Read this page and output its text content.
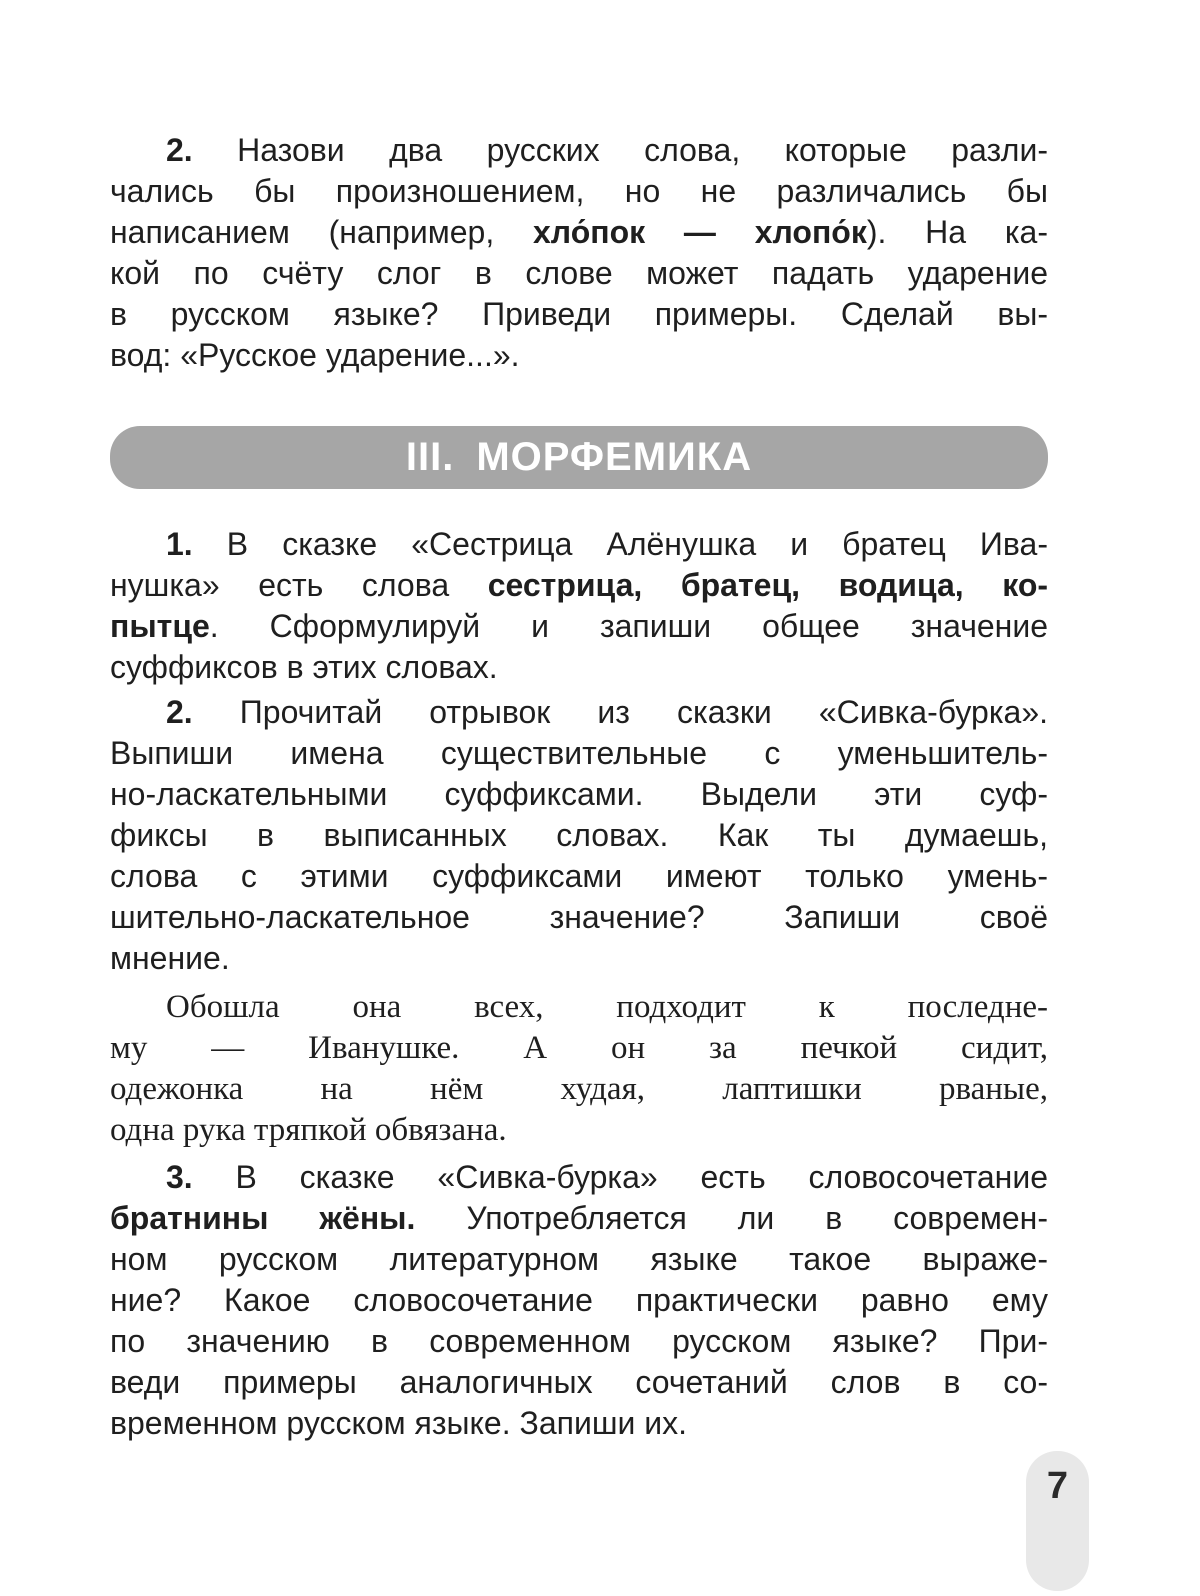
2. Назови два русских слова, которые разли-
чались бы произношением, но не различались бы
написанием (например, хло́пок — хлопо́к). На ка-
кой по счёту слог в слове может падать ударение
в русском языке? Приведи примеры. Сделай вы-
вод: «Русское ударение...».
III. МОРФЕМИКА
1. В сказке «Сестрица Алёнушка и братец Ива-
нушка» есть слова сестрица, братец, водица, ко-
пытце. Сформулируй и запиши общее значение
суффиксов в этих словах.
2. Прочитай отрывок из сказки «Сивка-бурка».
Выпиши имена существительные с уменьшитель-
но-ласкательными суффиксами. Выдели эти суф-
фиксы в выписанных словах. Как ты думаешь,
слова с этими суффиксами имеют только умень-
шительно-ласкательное значение? Запиши своё
мнение.
Обошла она всех, подходит к последне-
му — Иванушке. А он за печкой сидит,
одежонка на нём худая, лаптишки рваные,
одна рука тряпкой обвязана.
3. В сказке «Сивка-бурка» есть словосочетание
братнины жёны. Употребляется ли в современ-
ном русском литературном языке такое выраже-
ние? Какое словосочетание практически равно ему
по значению в современном русском языке? При-
веди примеры аналогичных сочетаний слов в со-
временном русском языке. Запиши их.
7
